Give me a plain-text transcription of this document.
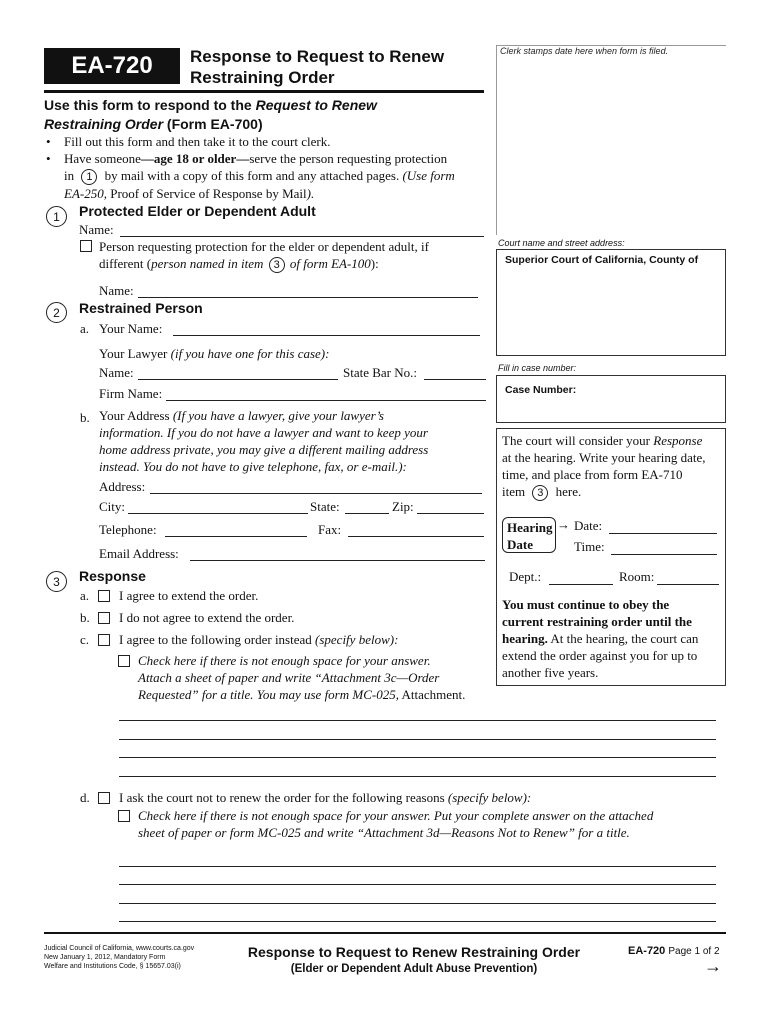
EA-720	Response to Request to Renew
Restraining Order
Clerk stamps date here when form is filed.
Use this form to respond to the Request to Renew
Restraining Order (Form EA-700)
• Fill out this form and then take it to the court clerk.
• Have someone—age 18 or older—serve the person requesting protection
in 1 by mail with a copy of this form and any attached pages. (Use form
EA-250, Proof of Service of Response by Mail).
Court name and street address:
Superior Court of California, County of
Fill in case number:
Case Number:
The court will consider your Response
at the hearing. Write your hearing date,
time, and place from form EA-710
item 3 here.
Hearing
Date
→ Date:
Time:
Dept.:	Room:
You must continue to obey the
current restraining order until the
hearing. At the hearing, the court can
extend the order against you for up to
another five years.
1	Protected Elder or Dependent Adult
Name:
Person requesting protection for the elder or dependent adult, if
different (person named in item 3 of form EA-100):
Name:
2	Restrained Person
a. Your Name:
Your Lawyer (if you have one for this case):
Name:	State Bar No.:
Firm Name:
b. Your Address (If you have a lawyer, give your lawyer’s
information. If you do not have a lawyer and want to keep your
home address private, you may give a different mailing address
instead. You do not have to give telephone, fax, or e-mail.):
Address:
City:	State:	Zip:
Telephone:	Fax:
Email Address:
3	Response
a. I agree to extend the order.
b. I do not agree to extend the order.
c. I agree to the following order instead (specify below):
Check here if there is not enough space for your answer.
Attach a sheet of paper and write “Attachment 3c—Order
Requested” for a title. You may use form MC-025, Attachment.
d. I ask the court not to renew the order for the following reasons (specify below):
Check here if there is not enough space for your answer. Put your complete answer on the attached
sheet of paper or form MC-025 and write “Attachment 3d—Reasons Not to Renew” for a title.
Judicial Council of California, www.courts.ca.gov
New January 1, 2012, Mandatory Form
Welfare and Institutions Code, § 15657.03(i)
Response to Request to Renew Restraining Order
(Elder or Dependent Adult Abuse Prevention)
EA-720 Page 1 of 2
→
